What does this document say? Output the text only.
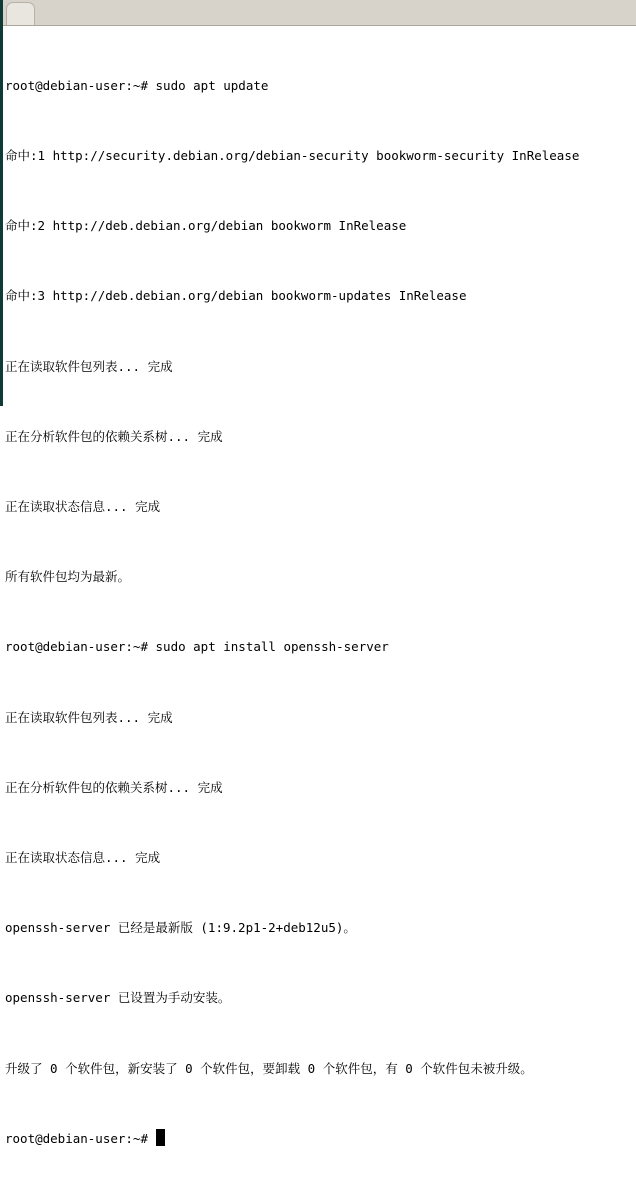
root@debian-user:~# sudo apt update

命中:1 http://security.debian.org/debian-security bookworm-security InRelease

命中:2 http://deb.debian.org/debian bookworm InRelease

命中:3 http://deb.debian.org/debian bookworm-updates InRelease

正在读取软件包列表... 完成

正在分析软件包的依赖关系树... 完成

正在读取状态信息... 完成

所有软件包均为最新。

root@debian-user:~# sudo apt install openssh-server

正在读取软件包列表... 完成

正在分析软件包的依赖关系树... 完成

正在读取状态信息... 完成

openssh-server 已经是最新版 (1:9.2p1-2+deb12u5)。

openssh-server 已设置为手动安装。

升级了 0 个软件包，新安装了 0 个软件包，要卸载 0 个软件包，有 0 个软件包未被升级。

root@debian-user:~#
